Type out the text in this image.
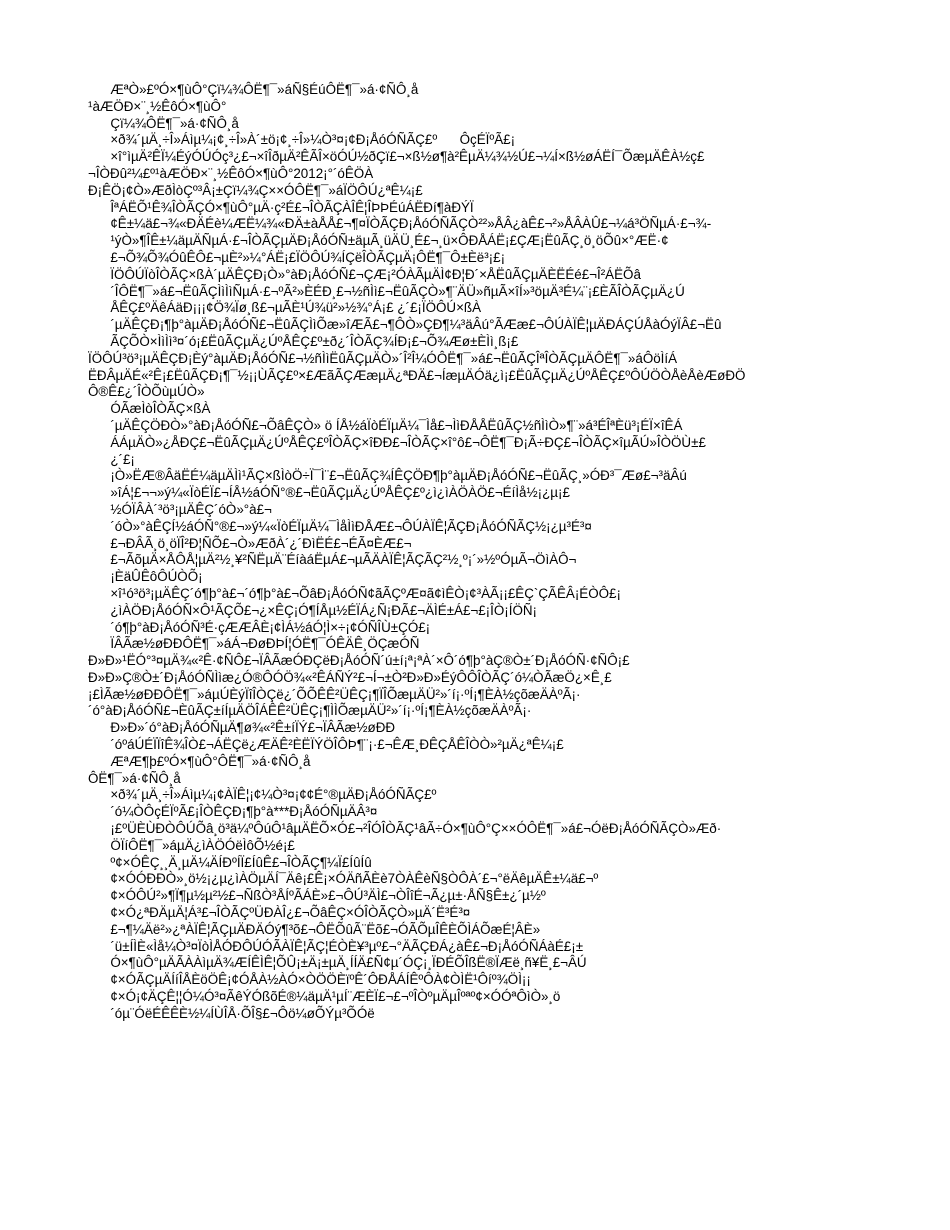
ÆªÒ»£ºÓ×¶ùÔ°Çï¼¾ÔË¶¯»áÑ§ÉúÔË¶¯»á·¢ÑÔ¸å
¹àÆÖÐ×¨¸½ÊôÓ×¶ùÔ°
Çï¼¾ÔË¶¯»á·¢ÑÔ¸å
×ð¾´µÄ¸÷Î»Áìµ¼¡¢¸÷Î»À´±ö¡¢¸÷Î»¼Ò³¤¡¢Ð¡ÅóÓÑÃÇ£º      ÔçÉÏºÃ£¡
×î°ìµÄ²ÊÏ¼ÉýÓÚÓç³¿£¬×îÎðµÄ²ÊÃÎ×öÓÚ½ðÇï£¬×ß½ø¶à²ÊµÄ¼¾½Ú£¬¼Í×ß½øÁËÍ¯ÕæµÄÊÀ½ç£
¬ÎÒÐû²¼£º¹àÆÖÐ×¨¸½ÊôÓ×¶ùÔ°2012¡°´óÊÖÀ
Ð¡ÊÖ¡¢Ò»ÆðÌòÇº³Â¡±Çï¼¾Ç××ÓÔË¶¯»áÏÖÔÚ¿ªÊ¼¡£
ÎªÁËÕ¹Ê¾ÎÒÃÇÓ×¶ùÔ°µÄ·ç²É£¬ÎÒÃÇÀÎÊ¦ÎÞÞÉúÁËÐí¶àÐÝÏ
¢Ê±¼ä£¬¾«ÐÄÉè¼ÆË¼¾«ÐÄ±àÅÅ£¬¶¤ÏÒÃÇÐ¡ÅóÓÑÃÇÒ²²»ÅÂ¿àÊ£¬²»ÅÂÀÛ£¬¼á³ÖÑµÁ·£¬¾-
¹ýÒ»¶ÎÊ±¼äµÄÑµÁ·£¬ÎÒÃÇµÄÐ¡ÅóÓÑ±äµÃ¸üÄÜ¸É£¬¸ü×ÔÐÅÁË¡£ÇÆ¡ËûÃÇ¸ö¸öÕû×°ÆË·¢
£¬Õ¾Õ¾ÓûÊÔ£¬µÈ²»¼°ÁË¡£ÏÖÔÚ¾ÍÇëÎÒÃÇµÄ¡ÔË¶¯Ô±Èë³¡£¡
ÏÖÔÚÏòÎÒÃÇ×ßÀ´µÄÊÇÐ¡Ò»°àÐ¡ÅóÓÑ£¬ÇÆ¡²ÓÀÃµÄÌ¢Ð¦Ð´×ÅËûÃÇµÄÈËÉé£¬Î²ÁËÕâ
´ÎÔË¶¯»á£¬ËûÃÇÌìÌìÑµÁ·£¬ºÃ²»ÈÉÐ¸£¬½ñÌì£¬ËûÃÇÒ»¶¨ÄÜ»ñµÃ×îÍ»³öµÄ³É¼¨¡£ÈÃÎÒÃÇµÄ¿Ú
ÅÊÇ£ºÄêÁäÐ¡¡¡¢Ö¾Ïø¸ß£¬µÃÈ¹Ú¾ü²»½¾°Á¡£ ¿´£¡ÏÖÔÚ×ßÀ
´µÄÊÇÐ¡¶þ°àµÄÐ¡ÅóÓÑ£¬ËûÃÇÌìÕæ»îÆÃ£¬¶ÔÒ»ÇÐ¶¼³äÂú°ÃÆæ£¬ÔÚÀÏÊ¦µÄÐÁÇÚÅàÓýÏÂ£¬Ëû
ÃÇÕÒ×ÌìÌì³¤´ó¡£ËûÃÇµÄ¿ÚºÅÊÇ£º±ð¿´ÎÒÃÇ¾ÍÐ¡£¬Õ¾Æø±ÈÌì¸ß¡£
ÏÖÔÚ³ö³¡µÄÊÇÐ¡Èý°àµÄÐ¡ÅóÓÑ£¬½ñÌìËûÃÇµÄÒ»´Î²Î¼ÓÔË¶¯»á£¬ËûÃÇÎªÎÒÃÇµÄÔË¶¯»áÔöÌíÁ
ËÐÂµÄÉ«²Ê¡£ËûÃÇÐ¡¶¯½¡¡ÙÃÇ£º×£ÆãÃÇÆæµÄ¿ªÐÄ£¬ÍæµÄÓä¿ì¡£ËûÃÇµÄ¿ÚºÅÊÇ£ºÔÚÖÒÅèÅèÆøÐÖ
Ô®Ê£¿´ÎÒÕùµÚÒ»
ÓÃæÌòÎÒÃÇ×ßÀ
´µÄÊÇÖÐÒ»°àÐ¡ÅóÓÑ£¬ÕâÊÇÒ» ö ÍÅ½áÏòÉÏµÄ¼¯Ìå£¬ÌìÐÅÅËûÃÇ½ñÌìÒ»¶¨»á³ÉÎªÈü³¡ÉÏ×îÊÁ
ÁÁµÄÒ»¿ÅÐÇ£¬ËûÃÇµÄ¿ÚºÅÊÇ£ºÎÒÃÇ×îÐÐ£¬ÎÒÃÇ×î°ô£¬ÔË¶¯Ð¡Ã÷ÐÇ£¬ÎÒÃÇ×îµÃÚ»ÎÒÖÙ±£
¿´£¡
¡Ò»ËÆ®ÂäËÉ¼äµÄÌì¹ÃÇ×ßÌòÖ÷Ï¯Ì¨£¬ËûÃÇ¾ÍÊÇÖÐ¶þ°àµÄÐ¡ÅóÓÑ£¬ËûÃÇ¸»ÓÐ³¯Æø£¬³äÂú
»îÁ¦£¬¬»ý¼«ÏòÉÏ£¬ÍÅ½áÓÑ°®£¬ËûÃÇµÄ¿ÚºÅÊÇ£º¿ì¿ìÀÖÀÖ£¬ÉíÌå½¡¿µ¡£
½ÓÏÂÀ´³ö³¡µÄÊÇ´óÒ»°à£¬
´óÒ»°àÊÇÍ½áÓÑ°®£¬»ý¼«ÏòÉÏµÄ¼¯ÌåÌìÐÅÆ£¬ÔÚÀÏÊ¦ÃÇÐ¡ÅóÓÑÃÇ½¡¿µ³É³¤
£¬ÐÂÃ¸ö¸öÏÎ²Ð¦ÑÕ£¬Ò»ÆðÀ´¿´ÐìËÉ£¬ÉÃ¤ÈÆ£¬
£¬ÃõµÄ×ÅÔÅ¦µÄ²½¸¥²ÑËµÄ¨ÉíàáËµÁ£¬µÃÄÀÏÊ¦ÃÇÃÇ²½¸º¡´»½ºÓµÃ¬ÖìÀÔ¬
¡ÈäÛÊôÔÚÒÕ¡
×î¹ó³ö³¡µÄÊÇ´ó¶þ°à£¬´ó¶þ°à£¬ÕâÐ¡ÅóÓÑ¢ãÃÇºÆ¤ã¢ìÊÒ¡¢³ÀÃ¡¡£ÊÇ`ÇÃÊÂ¡ÉÒÔ£¡
¿ìÀÖÐ¡ÅóÓÑ×Ô¹ÃÇÕ£¬¿×ÊÇ¡Ó¶ÍÅµ½ÉÏÁ¿Ñ¡ÐÃ£¬ÄÌÉ±Á£¬£¡ÎÒ¡ÍÖÑ¡
´ó¶þ°àÐ¡ÅóÓÑ³É·çÆÆÂÈ¡¢ÌÁ½áÓ¦Ì×÷¡¢ÓÑÎÙ±ÇÓ£¡
ÏÂÃæ½øÐÐÔË¶¯»áÁ¬ÐøÐÞÍ¦ÓË¶¯ÓÊÄÊ¸ÖÇæÓÑ
Ð»Ð»¹ËÓ°³¤µÄ¾«²Ê·¢ÑÔ£¬ÏÂÃæÓÐÇëÐ¡ÅóÓÑ´ú±í¡ª¡ªÀ´×Ô´ó¶þ°àÇ®Ò±´Ð¡ÅóÓÑ·¢ÑÔ¡£
Ð»Ð»Ç®Ò±´Ð¡ÅóÓÑÌìæ¿Ó®ÔÓÖ¾«²ÊÁÑÝ²£¬Í¬±Ò²Ð»Ð»ÉýÔÔÎÒÃÇ´ó¼ÒÃæÖ¿×Ê¸£
¡£ÌÃæ½øÐÐÔË¶¯»áµÚÈýÏîÎÒÇë¿´ÕÕÊÊ²ÜÊÇ¡¶ÏÎÕæµÄÜ²»´í¡·ºÍ¡¶ÈÀ½çõæÄÀºÃ¡·
´ó°àÐ¡ÅóÓÑ£¬ÈûÃÇ±íÍµÄÖÎÁÊÊ²ÜÊÇ¡¶ÌÌÕæµÄÜ²»´í¡·ºÍ¡¶ÈÀ½çõæÄÀºÃ¡·
Ð»Ð»´ó°àÐ¡ÅóÓÑµÄ¶ø¾«²Ê±íÏÝ£¬ÏÂÃæ½øÐÐ
´óºáÚÉÏÏîÊ¾ÎÒ£¬ÁËÇë¿ÆÄÊ²ÈËÏÝÖÎÔÞ¶¨¡·£¬ÊÆ¸ÐÊÇÅÊÎÒÒ»²µÄ¿ªÊ¼¡£
ÆªÆ¶þ£ºÓ×¶ùÔ°ÔË¶¯»á·¢ÑÔ¸å
ÔË¶¯»á·¢ÑÔ¸å
×ð¾´µÄ¸÷Î»Áìµ¼¡¢ÀÏÊ¦¡¢¼Ò³¤¡¢¢É°®µÄÐ¡ÅóÓÑÃÇ£º
´ó¼ÒÔçÉÏºÃ£¡ÎÒÊÇÐ¡¶þ°à***Ð¡ÅóÓÑµÄÂ³¤
¡£ºÜÈÙÐÒÔÚÕâ¸ö³ä¼ºÔúÔ¹âµÄËÕ×Ó£¬²ÎÓÎÒÃÇ¹âÃ÷Ó×¶ùÔ°Ç××ÓÔË¶¯»á£¬ÓëÐ¡ÅóÓÑÃÇÒ»Æð·
ÖÏíÔË¶¯»áµÄ¿ìÀÖÓëÌôÕ½é¡£
º¢×ÓÊÇ¸¸Ä¸µÄ¼ÄÍÐºÍÏ£ÍûÊ£¬ÎÒÃÇ¶¼Ï£ÍûÍû
¢×ÓÓÐÐÒ»¸ö½¡¿µ¿ìÀÖµÄÍ¯Äê¡£Ê¡×ÓÄñÃÈè7ÒÀÊèÑ§ÒÔÀ´£¬°ëÄêµÄÊ±¼ä£¬º
¢×ÓÔÚ²»¶Ï¶µ½µ²½£¬ÑßÒ³ÅÍºÃÁÈ»£¬ÔÚ³ÄÌ£¬ÒÎîÉ¬Ã¿µ±·ÅÑ§Ê±¿´µ½º
¢×Ó¿ªÐÄµÄ¦Á³£¬ÎÒÃÇºÜÐÀÎ¿£¬ÕâÊÇ×ÓÎÒÃÇÒ»µÄ´Ë³É³¤
£¬¶¼Äë²»¿ªÀÏÊ¦ÃÇµÄÐÄÓý¶³õ£¬ÔËÕûÃ¨Ëõ£¬ÓÃÕµÎÊÈÕÌÁÕæÉ¦ÂÈ»
´ü±ÍÌÈ«Ìå¼Ò³¤ÏòÌÅÓÐÔÚÓÃÀÏÊ¦ÃÇ¦ÉÒÈ¥³µº£¬°ÄÃÇÐÁ¿àÊ£¬Ð¡ÅóÓÑÁàÉ£¡±
Ó×¶ùÔ°µÄÃÀÀìµÄ¾ÆÍÊÌÊ¦ÕÛ¡±Ä¡±µÄ¸ÍÍÄ£Ñ¢µ´ÓÇ¡¸ÏÐÉÕÎßË®ÏÆë¸ñ¥Ë¸£¬ÂÚ
¢×ÓÃÇµÄÍíÎÅÈöÖÊ¡¢ÓÅÀ½ÀÓ×ÒÖÖÈïºÊ´ÔÐÅÁÍÊºÔÀ¢ÒÌË¹Ôíº¾ÖÌ¡¡
¢×Ó¡¢ÄÇÊ¦¦Ó¼Ó³¤ÃêÝÓßõÉ®¼äµÄ¹µÍ¨ÆÈÏ£¬£¬ºÎÒºµÄµÎºªº¢×ÓÓªÔìÒ»¸ö
´óµ¨ÓëÉÊÊÈ½¼ÍÙÎÅ·ÕÎ§£¬Ôö¼øÕÝµ³ÕÓë
